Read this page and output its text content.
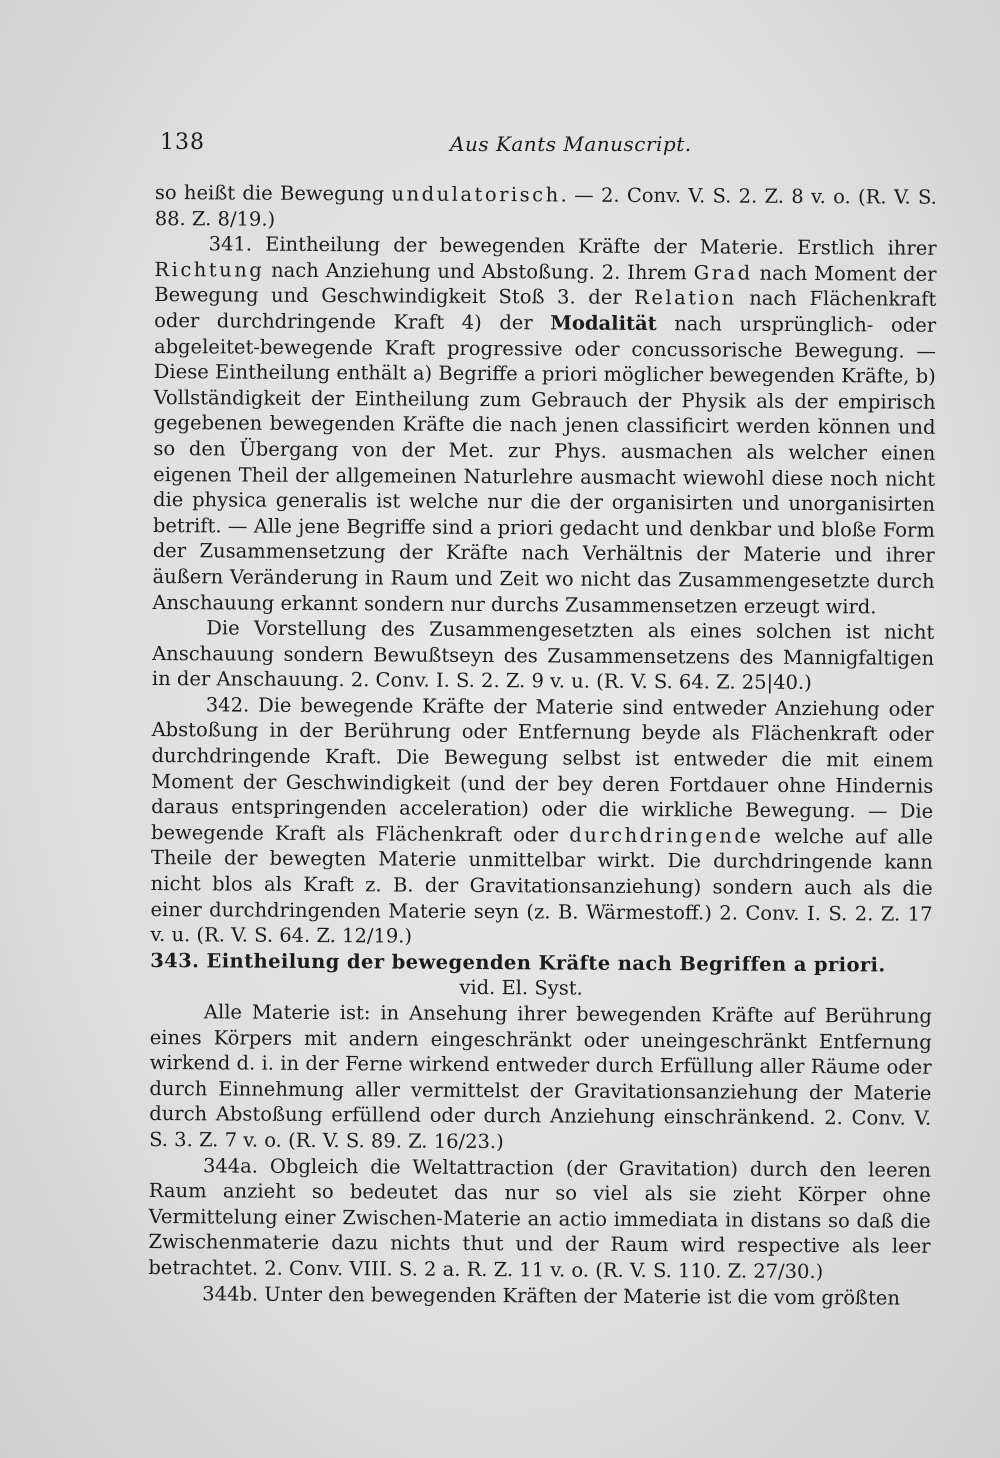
138	Aus Kants Manuscript.

so heißt die Bewegung undulatorisch. — 2. Conv. V. S. 2. Z. 8 v. o. (R. V. S. 88. Z. 8/19.)

341. Eintheilung der bewegenden Kräfte der Materie. Erstlich ihrer Richtung nach Anziehung und Abstoßung. 2. Ihrem Grad nach Moment der Bewegung und Geschwindigkeit Stoß 3. der Relation nach Flächenkraft oder durchdringende Kraft 4) der Modalität nach ursprünglich- oder abgeleitet-bewegende Kraft progressive oder concussorische Bewegung. — Diese Eintheilung enthält a) Begriffe a priori möglicher bewegenden Kräfte, b) Vollständigkeit der Eintheilung zum Gebrauch der Physik als der empirisch gegebenen bewegenden Kräfte die nach jenen classificirt werden können und so den Übergang von der Met. zur Phys. ausmachen als welcher einen eigenen Theil der allgemeinen Naturlehre ausmacht wiewohl diese noch nicht die physica generalis ist welche nur die der organisirten und unorganisirten betrift. — Alle jene Begriffe sind a priori gedacht und denkbar und bloße Form der Zusammensetzung der Kräfte nach Verhältnis der Materie und ihrer äußern Veränderung in Raum und Zeit wo nicht das Zusammengesetzte durch Anschauung erkannt sondern nur durchs Zusammensetzen erzeugt wird.

Die Vorstellung des Zusammengesetzten als eines solchen ist nicht Anschauung sondern Bewußtseyn des Zusammensetzens des Mannigfaltigen in der Anschauung. 2. Conv. I. S. 2. Z. 9 v. u. (R. V. S. 64. Z. 25|40.)

342. Die bewegende Kräfte der Materie sind entweder Anziehung oder Abstoßung in der Berührung oder Entfernung beyde als Flächenkraft oder durchdringende Kraft. Die Bewegung selbst ist entweder die mit einem Moment der Geschwindigkeit (und der bey deren Fortdauer ohne Hindernis daraus entspringenden acceleration) oder die wirkliche Bewegung. — Die bewegende Kraft als Flächenkraft oder durchdringende welche auf alle Theile der bewegten Materie unmittelbar wirkt. Die durchdringende kann nicht blos als Kraft z. B. der Gravitationsanziehung) sondern auch als die einer durchdringenden Materie seyn (z. B. Wärmestoff.) 2. Conv. I. S. 2. Z. 17 v. u. (R. V. S. 64. Z. 12/19.)

343. Eintheilung der bewegenden Kräfte nach Begriffen a priori.

vid. El. Syst.

Alle Materie ist: in Ansehung ihrer bewegenden Kräfte auf Berührung eines Körpers mit andern eingeschränkt oder uneingeschränkt Entfernung wirkend d. i. in der Ferne wirkend entweder durch Erfüllung aller Räume oder durch Einnehmung aller vermittelst der Gravitationsanziehung der Materie durch Abstoßung erfüllend oder durch Anziehung einschränkend. 2. Conv. V. S. 3. Z. 7 v. o. (R. V. S. 89. Z. 16/23.)

344a. Obgleich die Weltattraction (der Gravitation) durch den leeren Raum anzieht so bedeutet das nur so viel als sie zieht Körper ohne Vermittelung einer Zwischen-Materie an actio immediata in distans so daß die Zwischenmaterie dazu nichts thut und der Raum wird respective als leer betrachtet. 2. Conv. VIII. S. 2 a. R. Z. 11 v. o. (R. V. S. 110. Z. 27/30.)

344b. Unter den bewegenden Kräften der Materie ist die vom größten
